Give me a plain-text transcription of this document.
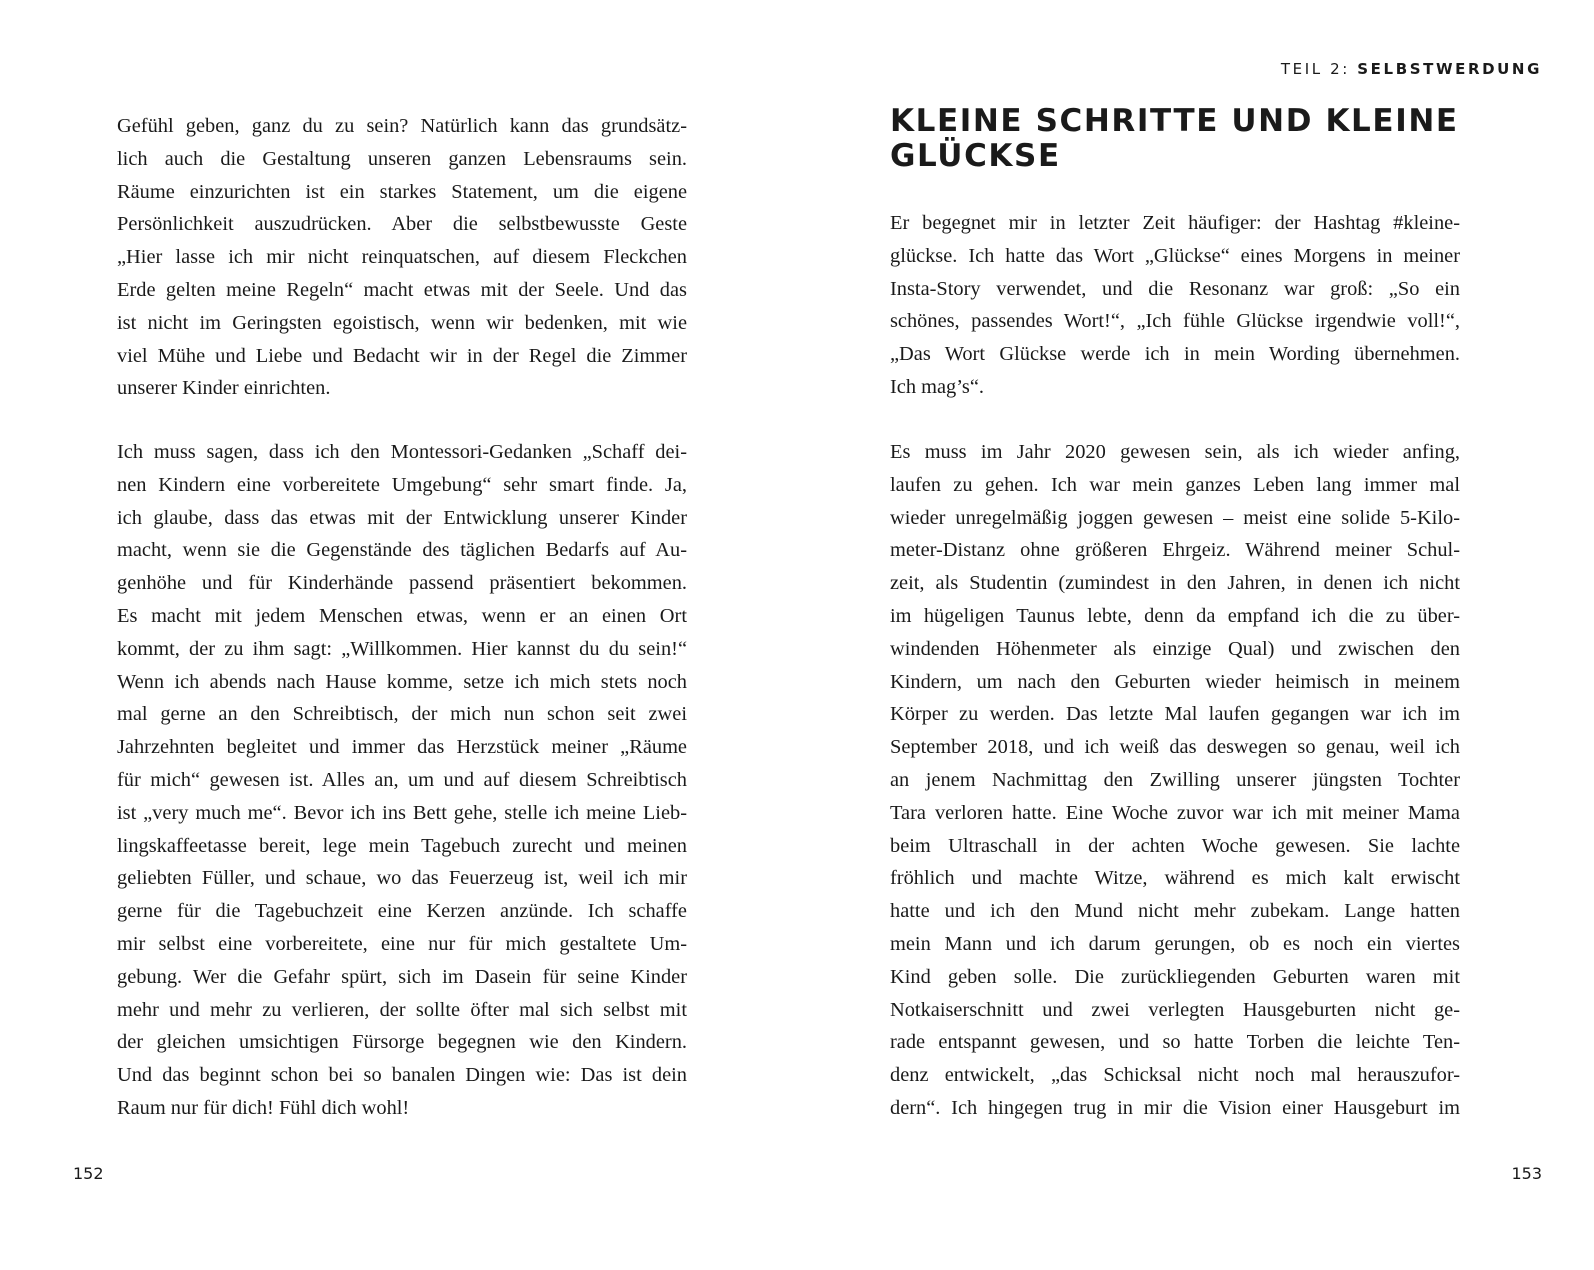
Gefühl geben, ganz du zu sein? Natürlich kann das grundsätz-
lich auch die Gestaltung unseren ganzen Lebensraums sein.
Räume einzurichten ist ein starkes Statement, um die eigene
Persönlichkeit auszudrücken. Aber die selbstbewusste Geste
„Hier lasse ich mir nicht reinquatschen, auf diesem Fleckchen
Erde gelten meine Regeln“ macht etwas mit der Seele. Und das
ist nicht im Geringsten egoistisch, wenn wir bedenken, mit wie
viel Mühe und Liebe und Bedacht wir in der Regel die Zimmer
unserer Kinder einrichten.
Ich muss sagen, dass ich den Montessori-Gedanken „Schaff dei-
nen Kindern eine vorbereitete Umgebung“ sehr smart finde. Ja,
ich glaube, dass das etwas mit der Entwicklung unserer Kinder
macht, wenn sie die Gegenstände des täglichen Bedarfs auf Au-
genhöhe und für Kinderhände passend präsentiert bekommen.
Es macht mit jedem Menschen etwas, wenn er an einen Ort
kommt, der zu ihm sagt: „Willkommen. Hier kannst du du sein!“
Wenn ich abends nach Hause komme, setze ich mich stets noch
mal gerne an den Schreibtisch, der mich nun schon seit zwei
Jahrzehnten begleitet und immer das Herzstück meiner „Räume
für mich“ gewesen ist. Alles an, um und auf diesem Schreibtisch
ist „very much me“. Bevor ich ins Bett gehe, stelle ich meine Lieb-
lingskaffeetasse bereit, lege mein Tagebuch zurecht und meinen
geliebten Füller, und schaue, wo das Feuerzeug ist, weil ich mir
gerne für die Tagebuchzeit eine Kerzen anzünde. Ich schaffe
mir selbst eine vorbereitete, eine nur für mich gestaltete Um-
gebung. Wer die Gefahr spürt, sich im Dasein für seine Kinder
mehr und mehr zu verlieren, der sollte öfter mal sich selbst mit
der gleichen umsichtigen Fürsorge begegnen wie den Kindern.
Und das beginnt schon bei so banalen Dingen wie: Das ist dein
Raum nur für dich! Fühl dich wohl!
152
TEIL 2: SELBSTWERDUNG
KLEINE SCHRITTE UND KLEINE
GLÜCKSE
Er begegnet mir in letzter Zeit häufiger: der Hashtag #kleine-
glückse. Ich hatte das Wort „Glückse“ eines Morgens in meiner
Insta-Story verwendet, und die Resonanz war groß: „So ein
schönes, passendes Wort!“, „Ich fühle Glückse irgendwie voll!“,
„Das Wort Glückse werde ich in mein Wording übernehmen.
Ich mag’s“.
Es muss im Jahr 2020 gewesen sein, als ich wieder anfing,
laufen zu gehen. Ich war mein ganzes Leben lang immer mal
wieder unregelmäßig joggen gewesen – meist eine solide 5-Kilo-
meter-Distanz ohne größeren Ehrgeiz. Während meiner Schul-
zeit, als Studentin (zumindest in den Jahren, in denen ich nicht
im hügeligen Taunus lebte, denn da empfand ich die zu über-
windenden Höhenmeter als einzige Qual) und zwischen den
Kindern, um nach den Geburten wieder heimisch in meinem
Körper zu werden. Das letzte Mal laufen gegangen war ich im
September 2018, und ich weiß das deswegen so genau, weil ich
an jenem Nachmittag den Zwilling unserer jüngsten Tochter
Tara verloren hatte. Eine Woche zuvor war ich mit meiner Mama
beim Ultraschall in der achten Woche gewesen. Sie lachte
fröhlich und machte Witze, während es mich kalt erwischt
hatte und ich den Mund nicht mehr zubekam. Lange hatten
mein Mann und ich darum gerungen, ob es noch ein viertes
Kind geben solle. Die zurückliegenden Geburten waren mit
Notkaiserschnitt und zwei verlegten Hausgeburten nicht ge-
rade entspannt gewesen, und so hatte Torben die leichte Ten-
denz entwickelt, „das Schicksal nicht noch mal herauszufor-
dern“. Ich hingegen trug in mir die Vision einer Hausgeburt im
153
